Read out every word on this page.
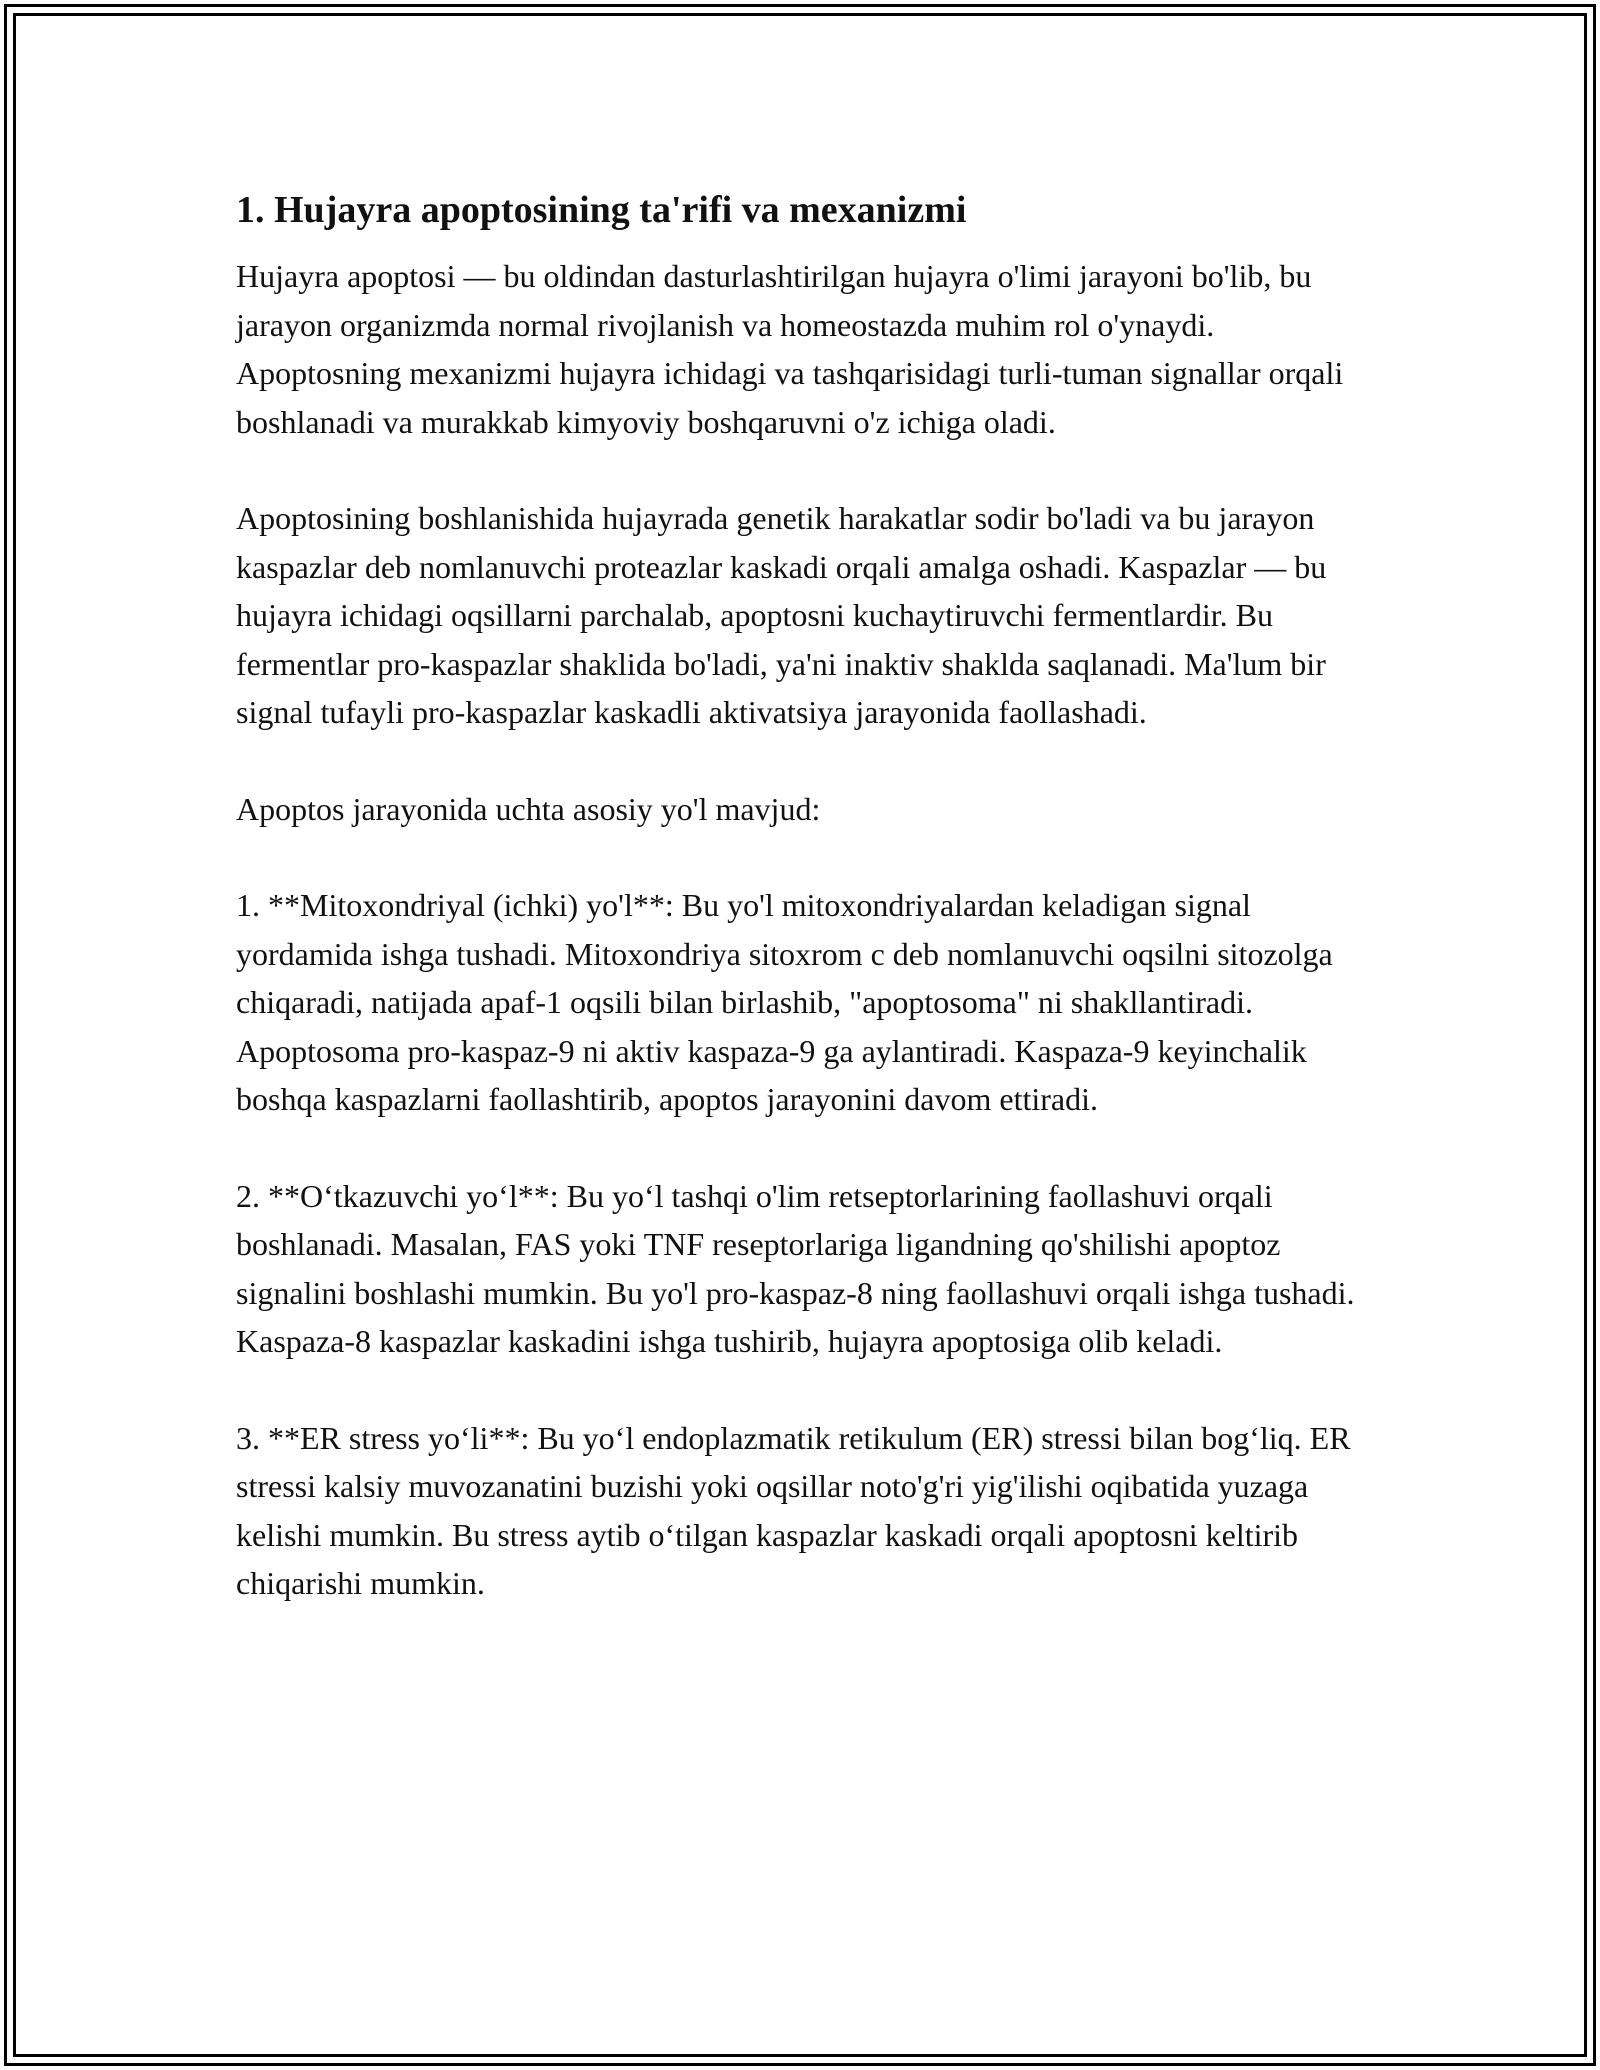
1. Hujayra apoptosining ta'rifi va mexanizmi

Hujayra apoptosi — bu oldindan dasturlashtirilgan hujayra o'limi jarayoni bo'lib, bu jarayon organizmda normal rivojlanish va homeostazda muhim rol o'ynaydi. Apoptosning mexanizmi hujayra ichidagi va tashqarisidagi turli-tuman signallar orqali boshlanadi va murakkab kimyoviy boshqaruvni o'z ichiga oladi.

Apoptosining boshlanishida hujayrada genetik harakatlar sodir bo'ladi va bu jarayon kaspazlar deb nomlanuvchi proteazlar kaskadi orqali amalga oshadi. Kaspazlar — bu hujayra ichidagi oqsillarni parchalab, apoptosni kuchaytiruvchi fermentlardir. Bu fermentlar pro-kaspazlar shaklida bo'ladi, ya'ni inaktiv shakldа saqlanadi. Ma'lum bir signal tufayli pro-kaspazlar kaskadli aktivatsiya jarayonida faollashadi.

Apoptos jarayonida uchta asosiy yo'l mavjud:

1. **Mitoxondriyal (ichki) yo'l**: Bu yo'l mitoxondriyalardan keladigan signal yordamida ishga tushadi. Mitoxondriya sitoxrom c deb nomlanuvchi oqsilni sitozolga chiqaradi, natijada apaf-1 oqsili bilan birlashib, "apoptosoma" ni shakllantiradi. Apoptosoma pro-kaspaz-9 ni aktiv kaspaza-9 ga aylantiradi. Kaspaza-9 keyinchalik boshqa kaspazlarni faollashtirib, apoptos jarayonini davom ettiradi.

2. **O‘tkazuvchi yo‘l**: Bu yo‘l tashqi o'lim retseptorlarining faollashuvi orqali boshlanadi. Masalan, FAS yoki TNF reseptorlariga ligandning qo'shilishi apoptoz signalini boshlashi mumkin. Bu yo'l pro-kaspaz-8 ning faollashuvi orqali ishga tushadi. Kaspaza-8 kaspazlar kaskadini ishga tushirib, hujayra apoptosiga olib keladi.

3. **ER stress yo‘li**: Bu yo‘l endoplazmatik retikulum (ER) stressi bilan bog‘liq. ER stressi kalsiy muvozanatini buzishi yoki oqsillar noto'g'ri yig'ilishi oqibatida yuzaga kelishi mumkin. Bu stress aytib o‘tilgan kaspazlar kaskadi orqali apoptosni keltirib chiqarishi mumkin.
